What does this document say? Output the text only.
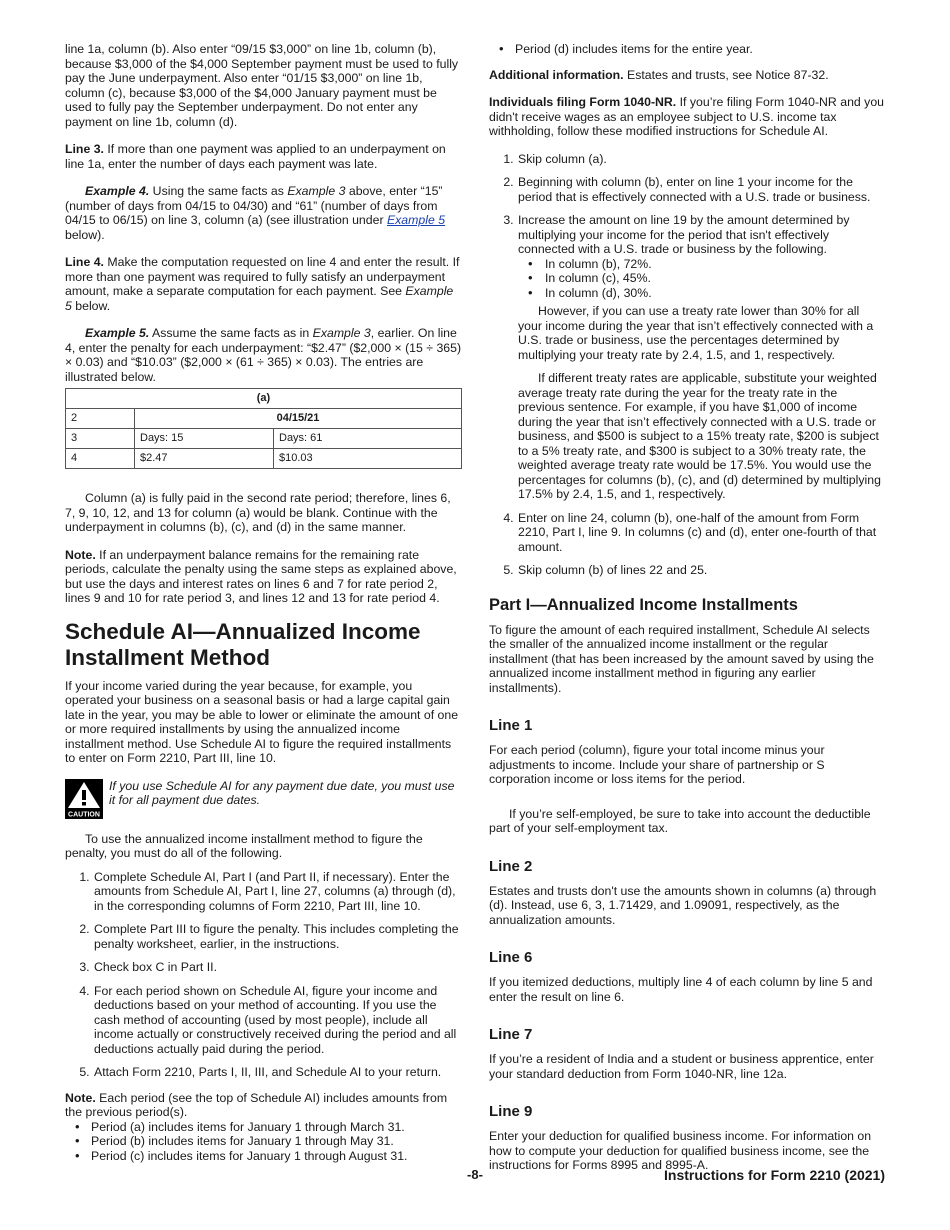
line 1a, column (b). Also enter “09/15 $3,000” on line 1b, column (b), because $3,000 of the $4,000 September payment must be used to fully pay the June underpayment. Also enter “01/15 $3,000” on line 1b, column (c), because $3,000 of the $4,000 January payment must be used to fully pay the September underpayment. Do not enter any payment on line 1b, column (d).

Line 3. If more than one payment was applied to an underpayment on line 1a, enter the number of days each payment was late.

Example 4. Using the same facts as Example 3 above, enter “15” (number of days from 04/15 to 04/30) and “61” (number of days from 04/15 to 06/15) on line 3, column (a) (see illustration under Example 5 below).

Line 4. Make the computation requested on line 4 and enter the result. If more than one payment was required to fully satisfy an underpayment amount, make a separate computation for each payment. See Example 5 below.

Example 5. Assume the same facts as in Example 3, earlier. On line 4, enter the penalty for each underpayment: “$2.47” ($2,000 × (15 ÷ 365) × 0.03) and “$10.03” ($2,000 × (61 ÷ 365) × 0.03). The entries are illustrated below.

(a)		
2	04/15/21	
3	Days: 15	Days: 61
4	$2.47	$10.03

Column (a) is fully paid in the second rate period; therefore, lines 6, 7, 9, 10, 12, and 13 for column (a) would be blank. Continue with the underpayment in columns (b), (c), and (d) in the same manner.

Note. If an underpayment balance remains for the remaining rate periods, calculate the penalty using the same steps as explained above, but use the days and interest rates on lines 6 and 7 for rate period 2, lines 9 and 10 for rate period 3, and lines 12 and 13 for rate period 4.

Schedule AI—Annualized Income Installment Method

If your income varied during the year because, for example, you operated your business on a seasonal basis or had a large capital gain late in the year, you may be able to lower or eliminate the amount of one or more required installments by using the annualized income installment method. Use Schedule AI to figure the required installments to enter on Form 2210, Part III, line 10.

CAUTION
If you use Schedule AI for any payment due date, you must use it for all payment due dates.

To use the annualized income installment method to figure the penalty, you must do all of the following.

1. Complete Schedule AI, Part I (and Part II, if necessary). Enter the amounts from Schedule AI, Part I, line 27, columns (a) through (d), in the corresponding columns of Form 2210, Part III, line 10.
2. Complete Part III to figure the penalty. This includes completing the penalty worksheet, earlier, in the instructions.
3. Check box C in Part II.
4. For each period shown on Schedule AI, figure your income and deductions based on your method of accounting. If you use the cash method of accounting (used by most people), include all income actually or constructively received during the period and all deductions actually paid during the period.
5. Attach Form 2210, Parts I, II, III, and Schedule AI to your return.

Note. Each period (see the top of Schedule AI) includes amounts from the previous period(s).

• Period (a) includes items for January 1 through March 31.
• Period (b) includes items for January 1 through May 31.
• Period (c) includes items for January 1 through August 31.
• Period (d) includes items for the entire year.

Additional information. Estates and trusts, see Notice 87-32.

Individuals filing Form 1040-NR. If you’re filing Form 1040-NR and you didn't receive wages as an employee subject to U.S. income tax withholding, follow these modified instructions for Schedule AI.

1. Skip column (a).
2. Beginning with column (b), enter on line 1 your income for the period that is effectively connected with a U.S. trade or business.
3. Increase the amount on line 19 by the amount determined by multiplying your income for the period that isn't effectively connected with a U.S. trade or business by the following.
• In column (b), 72%.
• In column (c), 45%.
• In column (d), 30%.

However, if you can use a treaty rate lower than 30% for all your income during the year that isn’t effectively connected with a U.S. trade or business, use the percentages determined by multiplying your treaty rate by 2.4, 1.5, and 1, respectively.

If different treaty rates are applicable, substitute your weighted average treaty rate during the year for the treaty rate in the previous sentence. For example, if you have $1,000 of income during the year that isn’t effectively connected with a U.S. trade or business, and $500 is subject to a 15% treaty rate, $200 is subject to a 5% treaty rate, and $300 is subject to a 30% treaty rate, the weighted average treaty rate would be 17.5%. You would use the percentages for columns (b), (c), and (d) determined by multiplying 17.5% by 2.4, 1.5, and 1, respectively.

4. Enter on line 24, column (b), one-half of the amount from Form 2210, Part I, line 9. In columns (c) and (d), enter one-fourth of that amount.
5. Skip column (b) of lines 22 and 25.
Part I—Annualized Income Installments

To figure the amount of each required installment, Schedule AI selects the smaller of the annualized income installment or the regular installment (that has been increased by the amount saved by using the annualized income installment method in figuring any earlier installments).

Line 1

For each period (column), figure your total income minus your adjustments to income. Include your share of partnership or S corporation income or loss items for the period.

If you’re self-employed, be sure to take into account the deductible part of your self-employment tax.

Line 2

Estates and trusts don't use the amounts shown in columns (a) through (d). Instead, use 6, 3, 1.71429, and 1.09091, respectively, as the annualization amounts.

Line 6

If you itemized deductions, multiply line 4 of each column by line 5 and enter the result on line 6.

Line 7

If you’re a resident of India and a student or business apprentice, enter your standard deduction from Form 1040-NR, line 12a.

Line 9

Enter your deduction for qualified business income. For information on how to compute your deduction for qualified business income, see the instructions for Forms 8995 and 8995-A.

-8-	Instructions for Form 2210 (2021)
